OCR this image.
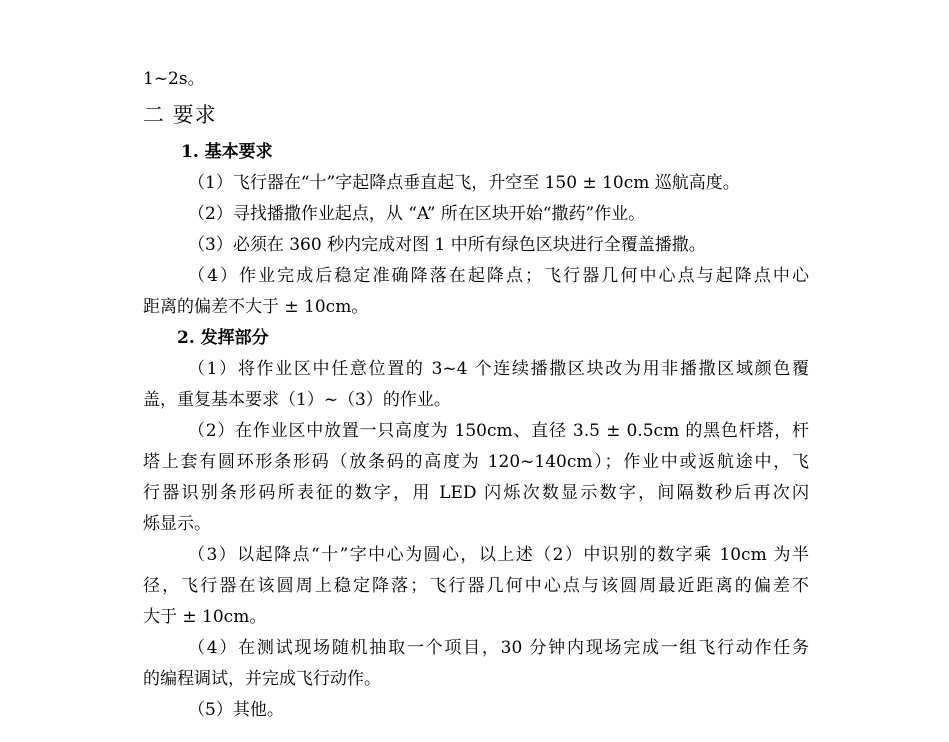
1~2s。
二 要求
1. 基本要求
（1）飞行器在“十”字起降点垂直起飞，升空至 150 ± 10cm 巡航高度。
（2）寻找播撒作业起点，从 “A” 所在区块开始“撒药”作业。
（3）必须在 360 秒内完成对图 1 中所有绿色区块进行全覆盖播撒。
（4）作业完成后稳定准确降落在起降点；飞行器几何中心点与起降点中心
距离的偏差不大于 ± 10cm。
2. 发挥部分
（1）将作业区中任意位置的 3~4 个连续播撒区块改为用非播撒区域颜色覆
盖，重复基本要求（1）~（3）的作业。
（2）在作业区中放置一只高度为 150cm、直径 3.5 ± 0.5cm 的黑色杆塔，杆
塔上套有圆环形条形码（放条码的高度为 120~140cm）；作业中或返航途中，飞
行器识别条形码所表征的数字，用 LED 闪烁次数显示数字，间隔数秒后再次闪
烁显示。
（3）以起降点“十”字中心为圆心，以上述（2）中识别的数字乘 10cm 为半
径，飞行器在该圆周上稳定降落；飞行器几何中心点与该圆周最近距离的偏差不
大于 ± 10cm。
（4）在测试现场随机抽取一个项目，30 分钟内现场完成一组飞行动作任务
的编程调试，并完成飞行动作。
（5）其他。
